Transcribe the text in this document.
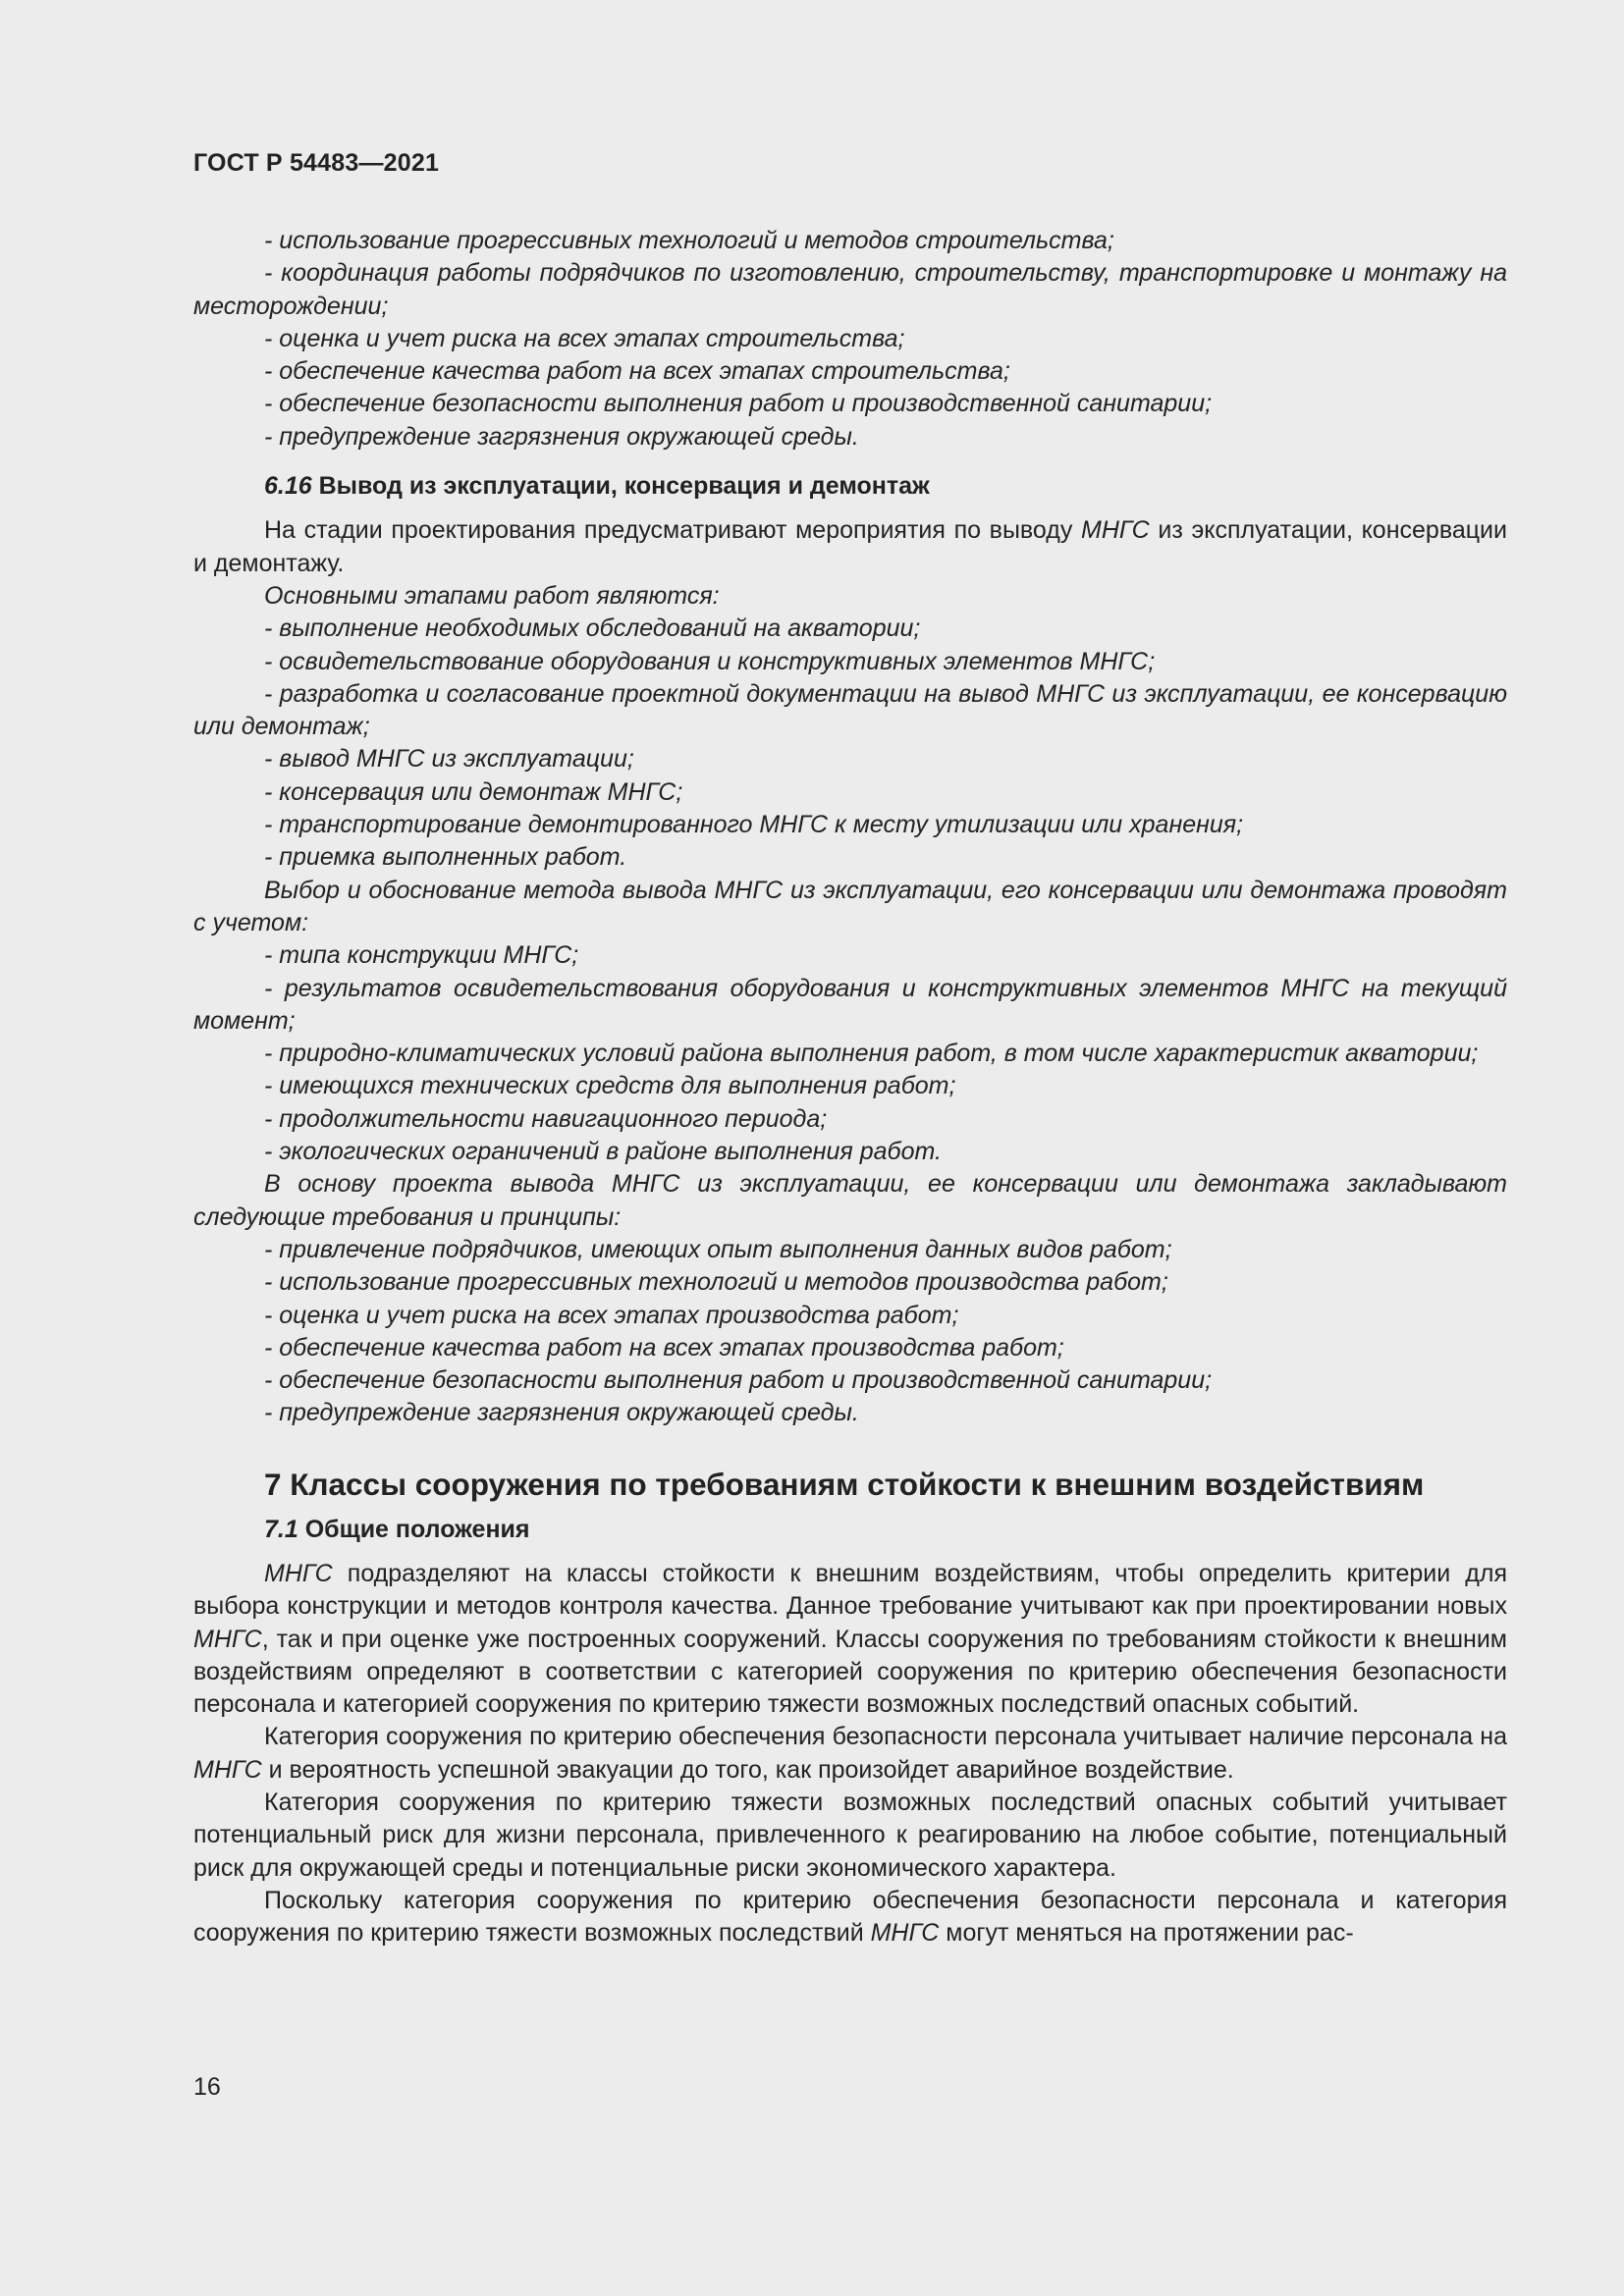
ГОСТ Р 54483—2021

- использование прогрессивных технологий и методов строительства;

- координация работы подрядчиков по изготовлению, строительству, транспортировке и монтажу на месторождении;

- оценка и учет риска на всех этапах строительства;

- обеспечение качества работ на всех этапах строительства;

- обеспечение безопасности выполнения работ и производственной санитарии;

- предупреждение загрязнения окружающей среды.

6.16 Вывод из эксплуатации, консервация и демонтаж

На стадии проектирования предусматривают мероприятия по выводу МНГС из эксплуатации, консервации и демонтажу.

Основными этапами работ являются:

- выполнение необходимых обследований на акватории;

- освидетельствование оборудования и конструктивных элементов МНГС;

- разработка и согласование проектной документации на вывод МНГС из эксплуатации, ее консервацию или демонтаж;

- вывод МНГС из эксплуатации;

- консервация или демонтаж МНГС;

- транспортирование демонтированного МНГС к месту утилизации или хранения;

- приемка выполненных работ.

Выбор и обоснование метода вывода МНГС из эксплуатации, его консервации или демонтажа проводят с учетом:

- типа конструкции МНГС;

- результатов освидетельствования оборудования и конструктивных элементов МНГС на текущий момент;

- природно-климатических условий района выполнения работ, в том числе характеристик акватории;

- имеющихся технических средств для выполнения работ;

- продолжительности навигационного периода;

- экологических ограничений в районе выполнения работ.

В основу проекта вывода МНГС из эксплуатации, ее консервации или демонтажа закладывают следующие требования и принципы:

- привлечение подрядчиков, имеющих опыт выполнения данных видов работ;

- использование прогрессивных технологий и методов производства работ;

- оценка и учет риска на всех этапах производства работ;

- обеспечение качества работ на всех этапах производства работ;

- обеспечение безопасности выполнения работ и производственной санитарии;

- предупреждение загрязнения окружающей среды.

7 Классы сооружения по требованиям стойкости к внешним воздействиям

7.1 Общие положения

МНГС подразделяют на классы стойкости к внешним воздействиям, чтобы определить критерии для выбора конструкции и методов контроля качества. Данное требование учитывают как при проектировании новых МНГС, так и при оценке уже построенных сооружений. Классы сооружения по требованиям стойкости к внешним воздействиям определяют в соответствии с категорией сооружения по критерию обеспечения безопасности персонала и категорией сооружения по критерию тяжести возможных последствий опасных событий.

Категория сооружения по критерию обеспечения безопасности персонала учитывает наличие персонала на МНГС и вероятность успешной эвакуации до того, как произойдет аварийное воздействие.

Категория сооружения по критерию тяжести возможных последствий опасных событий учитывает потенциальный риск для жизни персонала, привлеченного к реагированию на любое событие, потенциальный риск для окружающей среды и потенциальные риски экономического характера.

Поскольку категория сооружения по критерию обеспечения безопасности персонала и категория сооружения по критерию тяжести возможных последствий МНГС могут меняться на протяжении рас-

16
